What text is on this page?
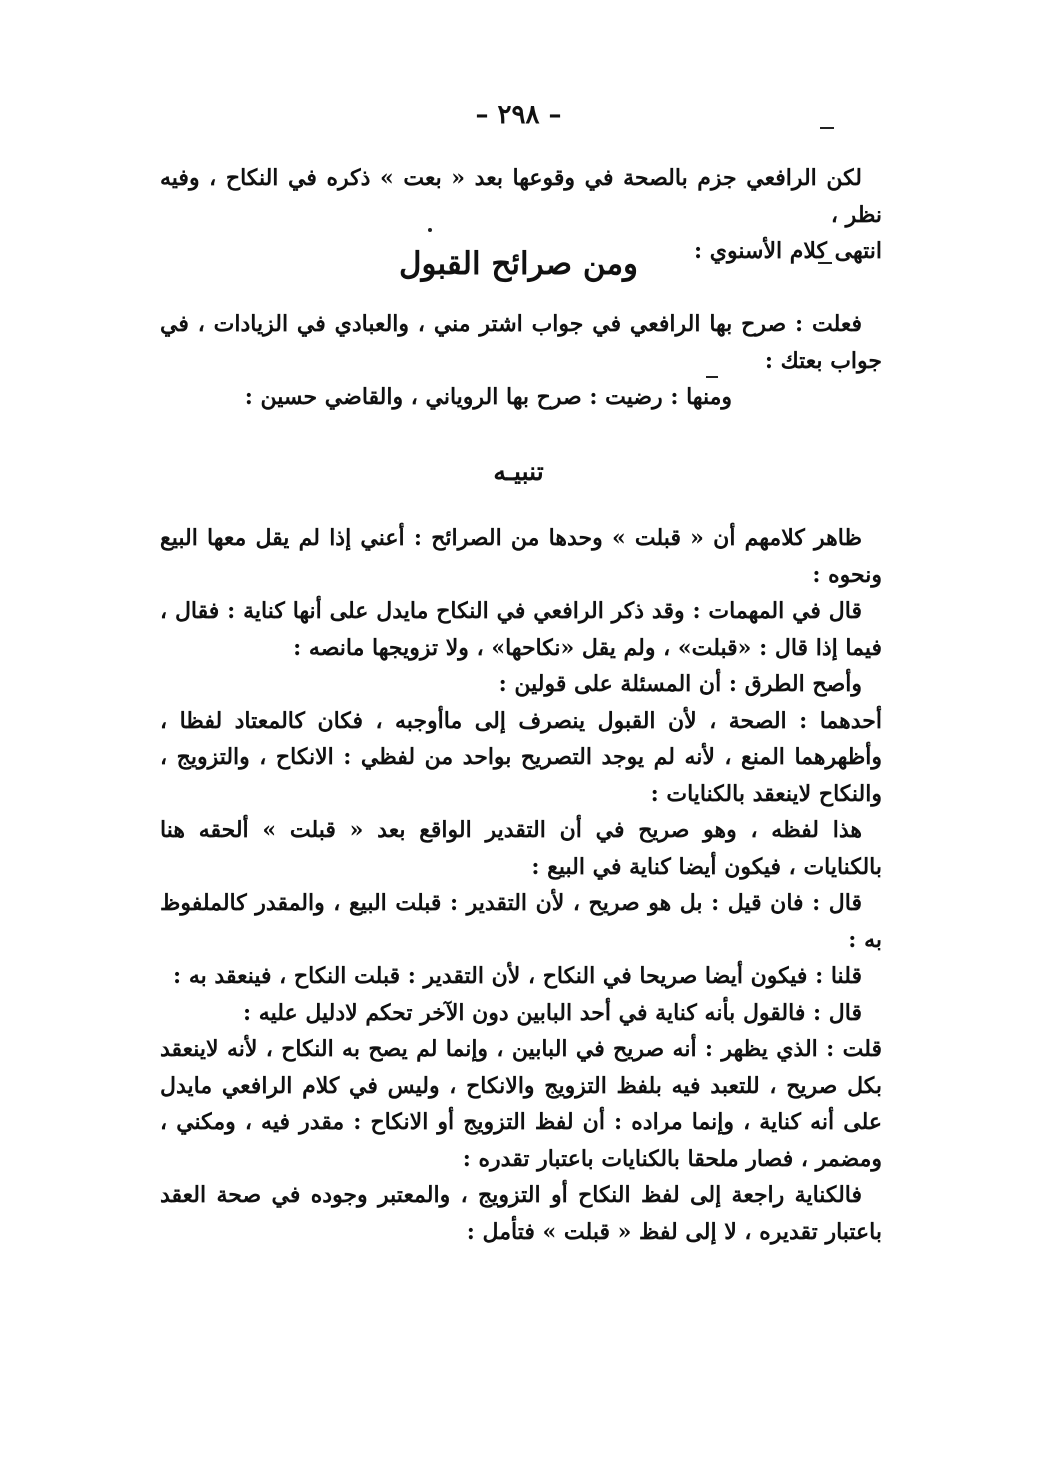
– ٢٩٨ –

لكن الرافعي جزم بالصحة في وقوعها بعد « بعت » ذكره في النكاح ، وفيه نظر ،

انتهى كلام الأسنوي :

ومن صرائح القبول

فعلت : صرح بها الرافعي في جواب اشتر مني ، والعبادي في الزيادات ، في جواب بعتك :

ومنها : رضيت : صرح بها الروياني ، والقاضي حسين :

تنبيـه

ظاهر كلامهم أن « قبلت » وحدها من الصرائح : أعني إذا لم يقل معها البيع ونحوه :

قال في المهمات : وقد ذكر الرافعي في النكاح مايدل على أنها كناية : فقال ، فيما إذا قال : «قبلت» ، ولم يقل «نكاحها» ، ولا تزويجها مانصه :

وأصح الطرق : أن المسئلة على قولين :

أحدهما : الصحة ، لأن القبول ينصرف إلى ماأوجبه ، فكان كالمعتاد لفظا ، وأظهرهما المنع ، لأنه لم يوجد التصريح بواحد من لفظي : الانكاح ، والتزويج ، والنكاح لاينعقد بالكنايات :

هذا لفظه ، وهو صريح في أن التقدير الواقع بعد « قبلت » ألحقه هنا بالكنايات ، فيكون أيضا كناية في البيع :

قال : فان قيل : بل هو صريح ، لأن التقدير : قبلت البيع ، والمقدر كالملفوظ به :

قلنا : فيكون أيضا صريحا في النكاح ، لأن التقدير : قبلت النكاح ، فينعقد به :

قال : فالقول بأنه كناية في أحد البابين دون الآخر تحكم لادليل عليه :

قلت : الذي يظهر : أنه صريح في البابين ، وإنما لم يصح به النكاح ، لأنه لاينعقد بكل صريح ، للتعبد فيه بلفظ التزويج والانكاح ، وليس في كلام الرافعي مايدل على أنه كناية ، وإنما مراده : أن لفظ التزويج أو الانكاح : مقدر فيه ، ومكني ، ومضمر ، فصار ملحقا بالكنايات باعتبار تقدره :

فالكناية راجعة إلى لفظ النكاح أو التزويج ، والمعتبر وجوده في صحة العقد باعتبار تقديره ، لا إلى لفظ « قبلت » فتأمل :
